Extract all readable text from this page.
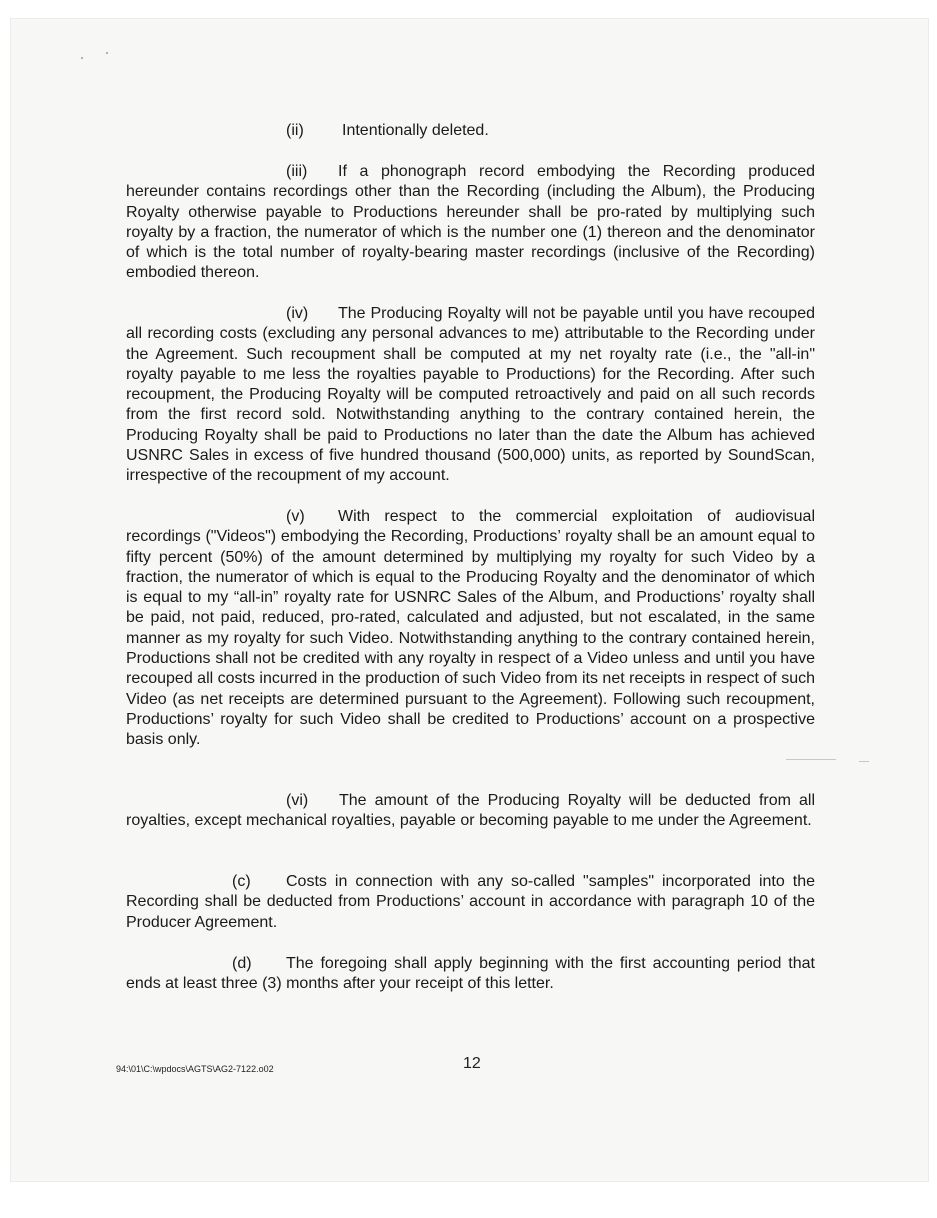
(ii) Intentionally deleted.

(iii) If a phonograph record embodying the Recording produced hereunder contains recordings other than the Recording (including the Album), the Producing Royalty otherwise payable to Productions hereunder shall be pro-rated by multiplying such royalty by a fraction, the numerator of which is the number one (1) thereon and the denominator of which is the total number of royalty-bearing master recordings (inclusive of the Recording) embodied thereon.

(iv) The Producing Royalty will not be payable until you have recouped all recording costs (excluding any personal advances to me) attributable to the Recording under the Agreement. Such recoupment shall be computed at my net royalty rate (i.e., the "all-in" royalty payable to me less the royalties payable to Productions) for the Recording. After such recoupment, the Producing Royalty will be computed retroactively and paid on all such records from the first record sold. Notwithstanding anything to the contrary contained herein, the Producing Royalty shall be paid to Productions no later than the date the Album has achieved USNRC Sales in excess of five hundred thousand (500,000) units, as reported by SoundScan, irrespective of the recoupment of my account.

(v) With respect to the commercial exploitation of audiovisual recordings ("Videos") embodying the Recording, Productions’ royalty shall be an amount equal to fifty percent (50%) of the amount determined by multiplying my royalty for such Video by a fraction, the numerator of which is equal to the Producing Royalty and the denominator of which is equal to my “all-in” royalty rate for USNRC Sales of the Album, and Productions’ royalty shall be paid, not paid, reduced, pro-rated, calculated and adjusted, but not escalated, in the same manner as my royalty for such Video. Notwithstanding anything to the contrary contained herein, Productions shall not be credited with any royalty in respect of a Video unless and until you have recouped all costs incurred in the production of such Video from its net receipts in respect of such Video (as net receipts are determined pursuant to the Agreement). Following such recoupment, Productions’ royalty for such Video shall be credited to Productions’ account on a prospective basis only.

(vi) The amount of the Producing Royalty will be deducted from all royalties, except mechanical royalties, payable or becoming payable to me under the Agreement.

(c) Costs in connection with any so-called "samples" incorporated into the Recording shall be deducted from Productions’ account in accordance with paragraph 10 of the Producer Agreement.

(d) The foregoing shall apply beginning with the first accounting period that ends at least three (3) months after your receipt of this letter.

94:\01\C:\wpdocs\AGTS\AG2-7122.o02	12
